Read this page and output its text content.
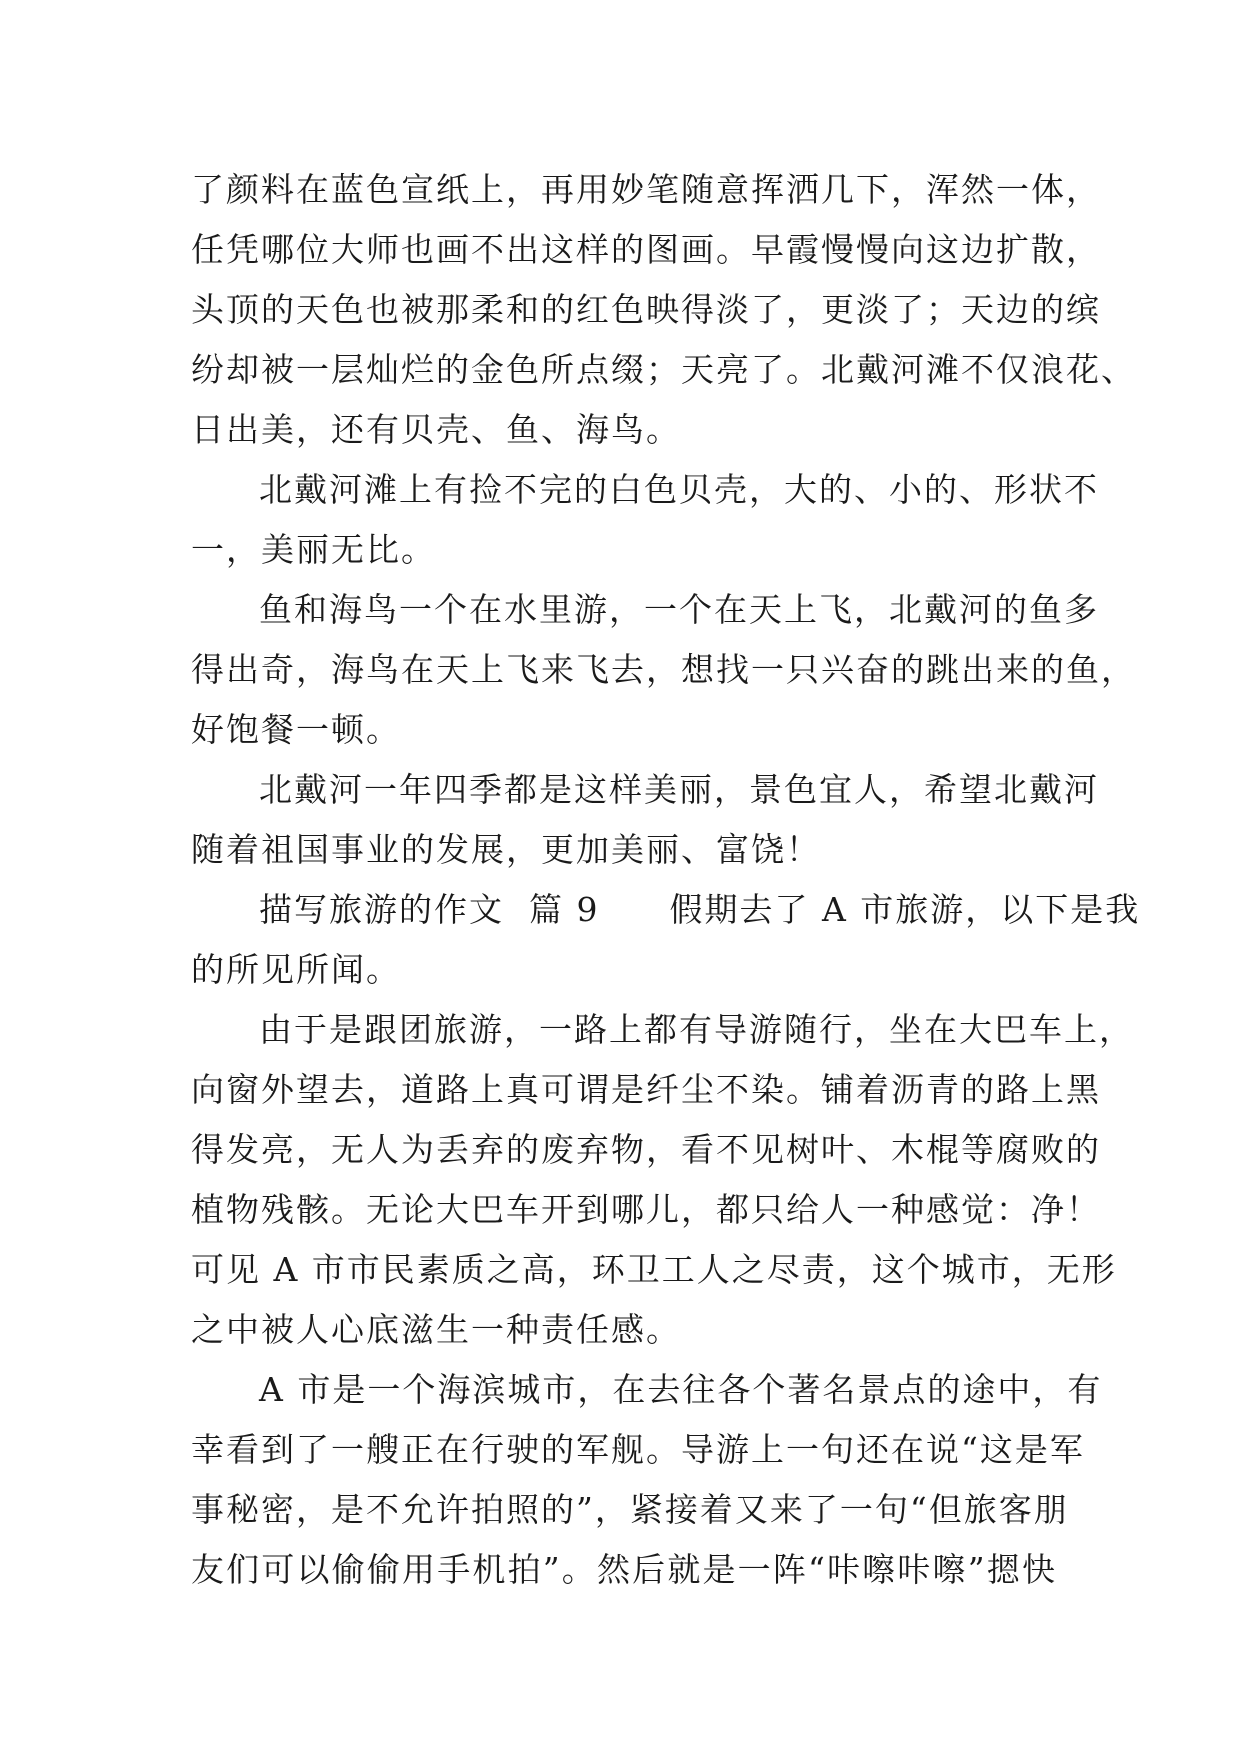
了颜料在蓝色宣纸上，再用妙笔随意挥洒几下，浑然一体，
任凭哪位大师也画不出这样的图画。早霞慢慢向这边扩散，
头顶的天色也被那柔和的红色映得淡了，更淡了；天边的缤
纷却被一层灿烂的金色所点缀；天亮了。北戴河滩不仅浪花、
日出美，还有贝壳、鱼、海鸟。
北戴河滩上有捡不完的白色贝壳，大的、小的、形状不
一，美丽无比。
鱼和海鸟一个在水里游，一个在天上飞，北戴河的鱼多
得出奇，海鸟在天上飞来飞去，想找一只兴奋的跳出来的鱼，
好饱餐一顿。
北戴河一年四季都是这样美丽，景色宜人，希望北戴河
随着祖国事业的发展，更加美丽、富饶！
描写旅游的作文  篇 9 假期去了 A 市旅游，以下是我
的所见所闻。
由于是跟团旅游，一路上都有导游随行，坐在大巴车上，
向窗外望去，道路上真可谓是纤尘不染。铺着沥青的路上黑
得发亮，无人为丢弃的废弃物，看不见树叶、木棍等腐败的
植物残骸。无论大巴车开到哪儿，都只给人一种感觉：净！
可见 A 市市民素质之高，环卫工人之尽责，这个城市，无形
之中被人心底滋生一种责任感。
A 市是一个海滨城市，在去往各个著名景点的途中，有
幸看到了一艘正在行驶的军舰。导游上一句还在说“这是军
事秘密，是不允许拍照的”，紧接着又来了一句“但旅客朋
友们可以偷偷用手机拍”。然后就是一阵“咔嚓咔嚓”摁快
